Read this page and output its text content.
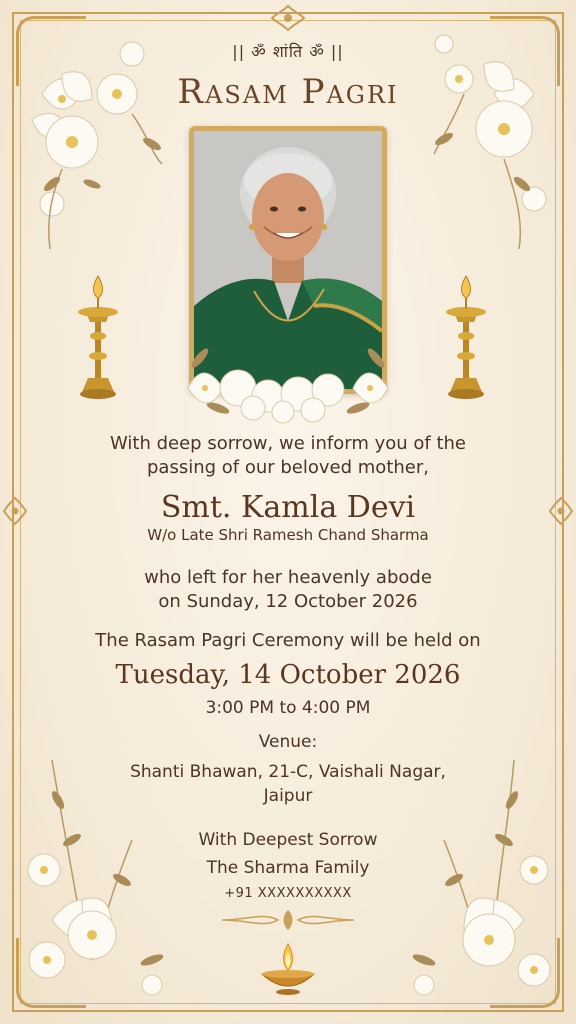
|| ॐ शांति ॐ ||
Rasam Pagri
With deep sorrow, we inform you of the
passing of our beloved mother,
Smt. Kamla Devi
W/o Late Shri Ramesh Chand Sharma
who left for her heavenly abode
on Sunday, 12 October 2026
The Rasam Pagri Ceremony will be held on
Tuesday, 14 October 2026
3:00 PM to 4:00 PM
Venue:
Shanti Bhawan, 21-C, Vaishali Nagar,
Jaipur
With Deepest Sorrow
The Sharma Family
+91 XXXXXXXXXX
